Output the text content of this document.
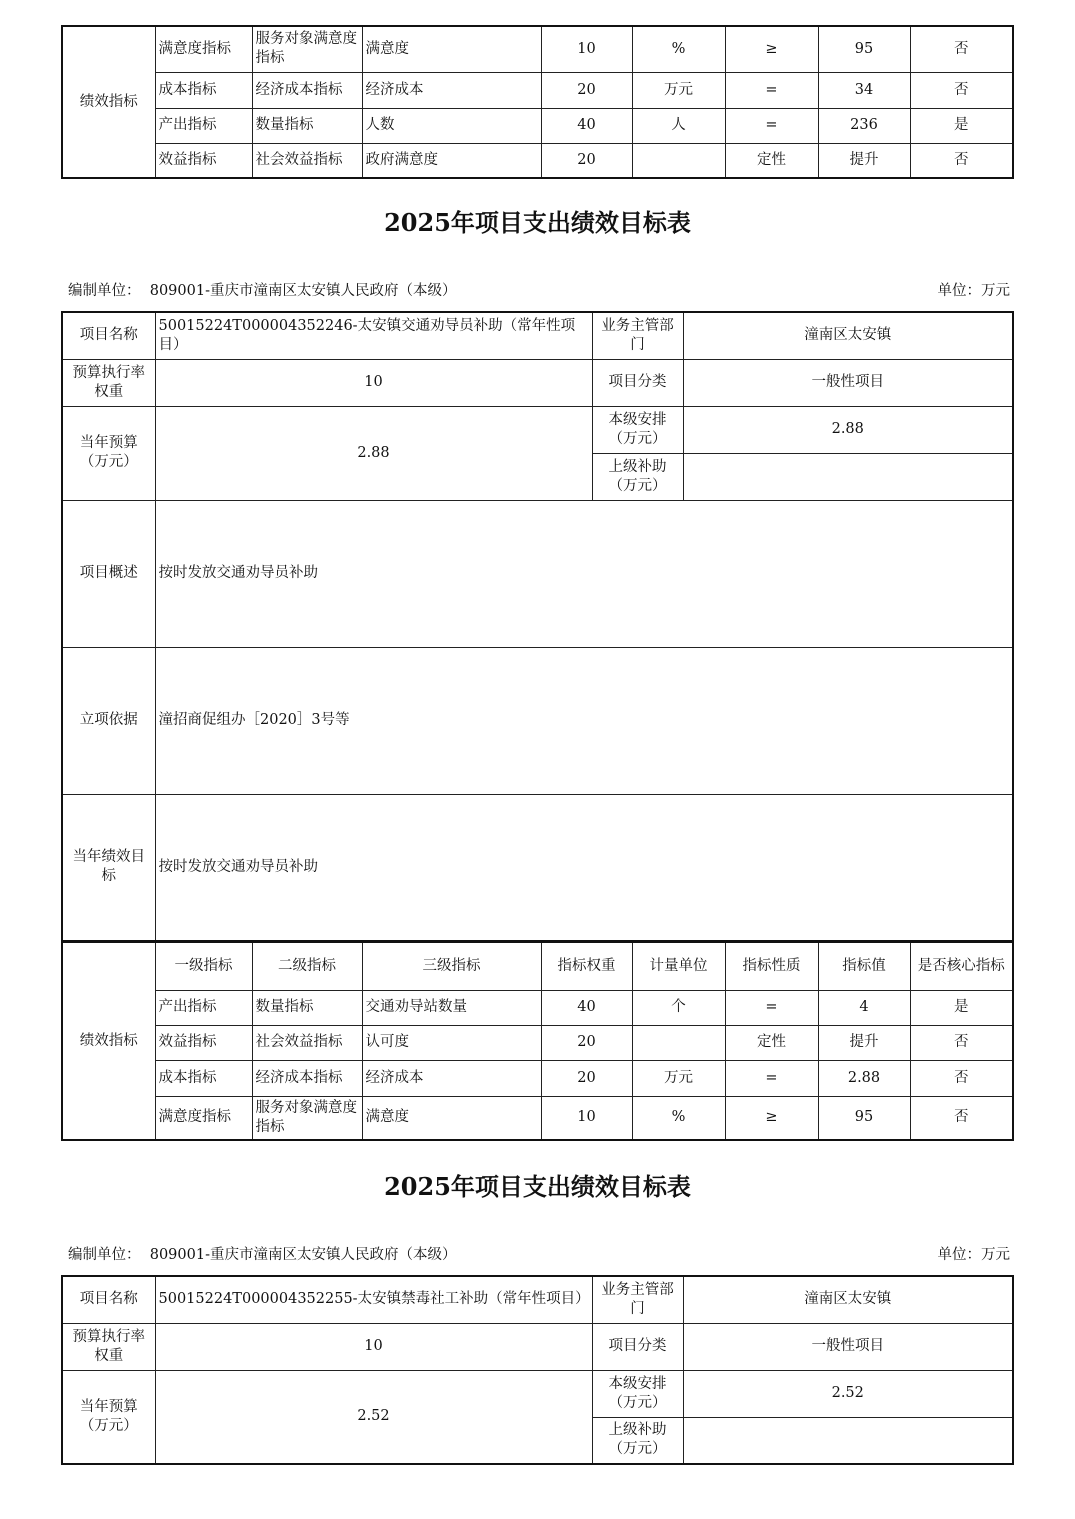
绩效指标	满意度指标	服务对象满意度指标	满意度	10	%	≥	95	否
	成本指标	经济成本指标	经济成本	20	万元	=	34	否
	产出指标	数量指标	人数	40	人	=	236	是
	效益指标	社会效益指标	政府满意度	20		定性	提升	否
2025年项目支出绩效目标表
编制单位： 809001-重庆市潼南区太安镇人民政府（本级）	单位：万元
项目名称	50015224T000004352246-太安镇交通劝导员补助（常年性项目）	业务主管部门	潼南区太安镇
预算执行率权重	10	项目分类	一般性项目
当年预算（万元）	2.88	本级安排（万元）	2.88
		上级补助（万元）	
项目概述	按时发放交通劝导员补助		
立项依据	潼招商促组办［2020］3号等		
当年绩效目标	按时发放交通劝导员补助		
绩效指标	一级指标	二级指标	三级指标	指标权重	计量单位	指标性质	指标值	是否核心指标
	产出指标	数量指标	交通劝导站数量	40	个	=	4	是
	效益指标	社会效益指标	认可度	20		定性	提升	否
	成本指标	经济成本指标	经济成本	20	万元	=	2.88	否
	满意度指标	服务对象满意度指标	满意度	10	%	≥	95	否
2025年项目支出绩效目标表
编制单位： 809001-重庆市潼南区太安镇人民政府（本级）	单位：万元
项目名称	50015224T000004352255-太安镇禁毒社工补助（常年性项目）	业务主管部门	潼南区太安镇
预算执行率权重	10	项目分类	一般性项目
当年预算（万元）	2.52	本级安排（万元）	2.52
		上级补助（万元）	
